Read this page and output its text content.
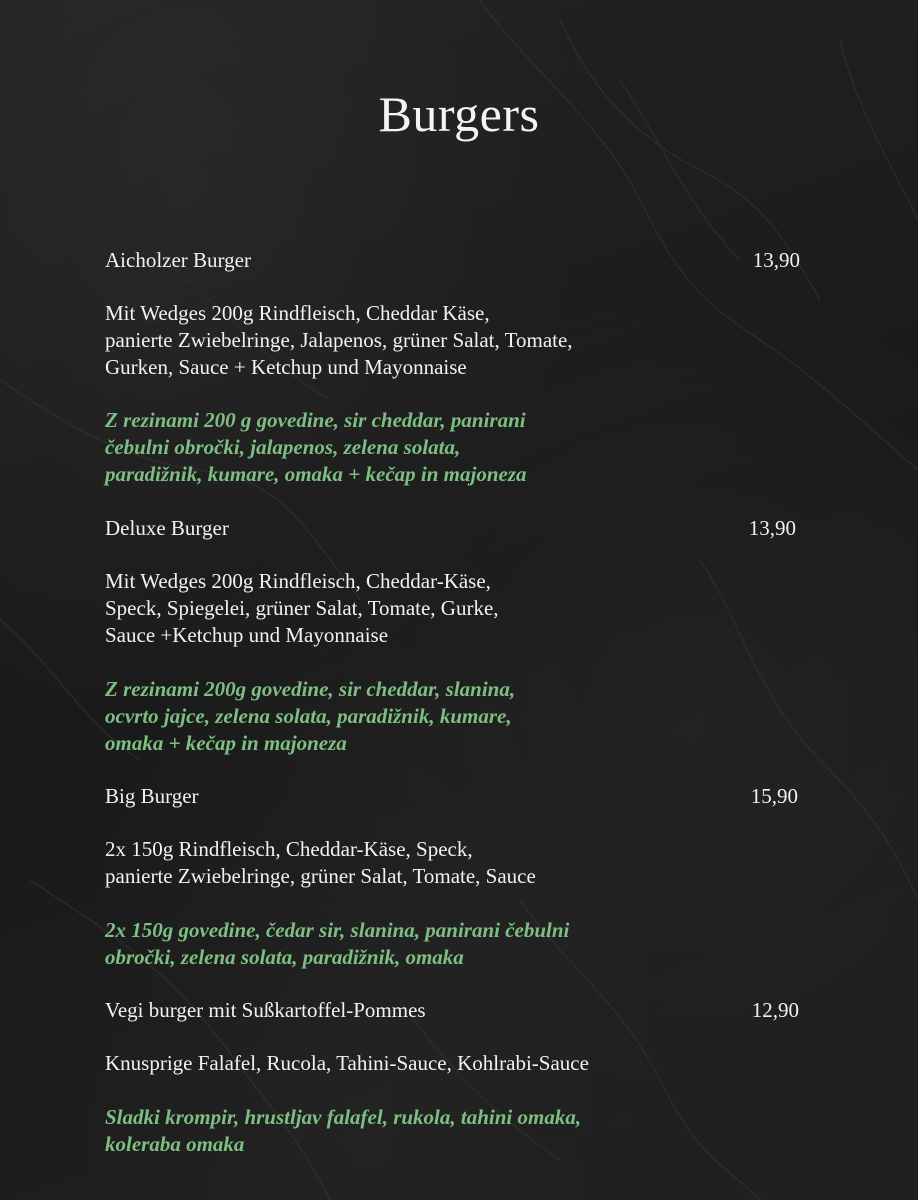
Burgers
Aicholzer Burger	13,90
Mit Wedges 200g Rindfleisch, Cheddar Käse,
panierte Zwiebelringe, Jalapenos, grüner Salat, Tomate,
Gurken, Sauce + Ketchup und Mayonnaise
Z rezinami 200 g govedine, sir cheddar, panirani
čebulni obročki, jalapenos, zelena solata,
paradižnik, kumare, omaka + kečap in majoneza
Deluxe Burger	13,90
Mit Wedges 200g Rindfleisch, Cheddar-Käse,
Speck, Spiegelei, grüner Salat, Tomate, Gurke,
Sauce +Ketchup und Mayonnaise
Z rezinami 200g govedine, sir cheddar, slanina,
ocvrto jajce, zelena solata, paradižnik, kumare,
omaka + kečap in majoneza
Big Burger	15,90
2x 150g Rindfleisch, Cheddar-Käse, Speck,
panierte Zwiebelringe, grüner Salat, Tomate, Sauce
2x 150g govedine, čedar sir, slanina, panirani čebulni
obročki, zelena solata, paradižnik, omaka
Vegi burger mit Sußkartoffel-Pommes	12,90
Knusprige Falafel, Rucola, Tahini-Sauce, Kohlrabi-Sauce
Sladki krompir, hrustljav falafel, rukola, tahini omaka,
koleraba omaka
